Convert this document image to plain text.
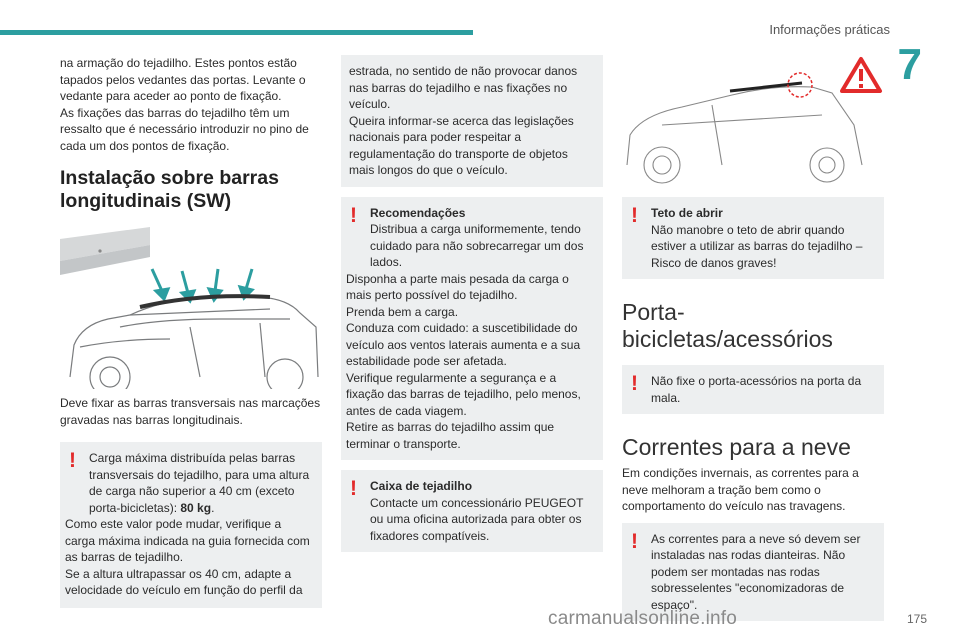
Informações práticas
7

na armação do tejadilho. Estes pontos estão tapados pelos vedantes das portas. Levante o vedante para aceder ao ponto de fixação.

As fixações das barras do tejadilho têm um ressalto que é necessário introduzir no pino de cada um dos pontos de fixação.

Instalação sobre barras longitudinais (SW)

Deve fixar as barras transversais nas marcações gravadas nas barras longitudinais.

!	Carga máxima distribuída pelas barras transversais do tejadilho, para uma altura de carga não superior a 40 cm (exceto porta-bicicletas): 80 kg.

Como este valor pode mudar, verifique a carga máxima indicada na guia fornecida com as barras de tejadilho.

Se a altura ultrapassar os 40 cm, adapte a velocidade do veículo em função do perfil da

estrada, no sentido de não provocar danos nas barras do tejadilho e nas fixações no veículo.

Queira informar-se acerca das legislações nacionais para poder respeitar a regulamentação do transporte de objetos mais longos do que o veículo.

!	Recomendações

Distribua a carga uniformemente, tendo cuidado para não sobrecarregar um dos lados.

Disponha a parte mais pesada da carga o mais perto possível do tejadilho.

Prenda bem a carga.

Conduza com cuidado: a suscetibilidade do veículo aos ventos laterais aumenta e a sua estabilidade pode ser afetada.

Verifique regularmente a segurança e a fixação das barras de tejadilho, pelo menos, antes de cada viagem.

Retire as barras do tejadilho assim que terminar o transporte.

!	Caixa de tejadilho

Contacte um concessionário PEUGEOT ou uma oficina autorizada para obter os fixadores compatíveis.

!	Teto de abrir

Não manobre o teto de abrir quando estiver a utilizar as barras do tejadilho – Risco de danos graves!

Porta-bicicletas/acessórios
!	Não fixe o porta-acessórios na porta da mala.

Correntes para a neve

Em condições invernais, as correntes para a neve melhoram a tração bem como o comportamento do veículo nas travagens.

!	As correntes para a neve só devem ser instaladas nas rodas dianteiras. Não podem ser montadas nas rodas sobresselentes "economizadoras de espaço".

175
carmanualsonline.info
